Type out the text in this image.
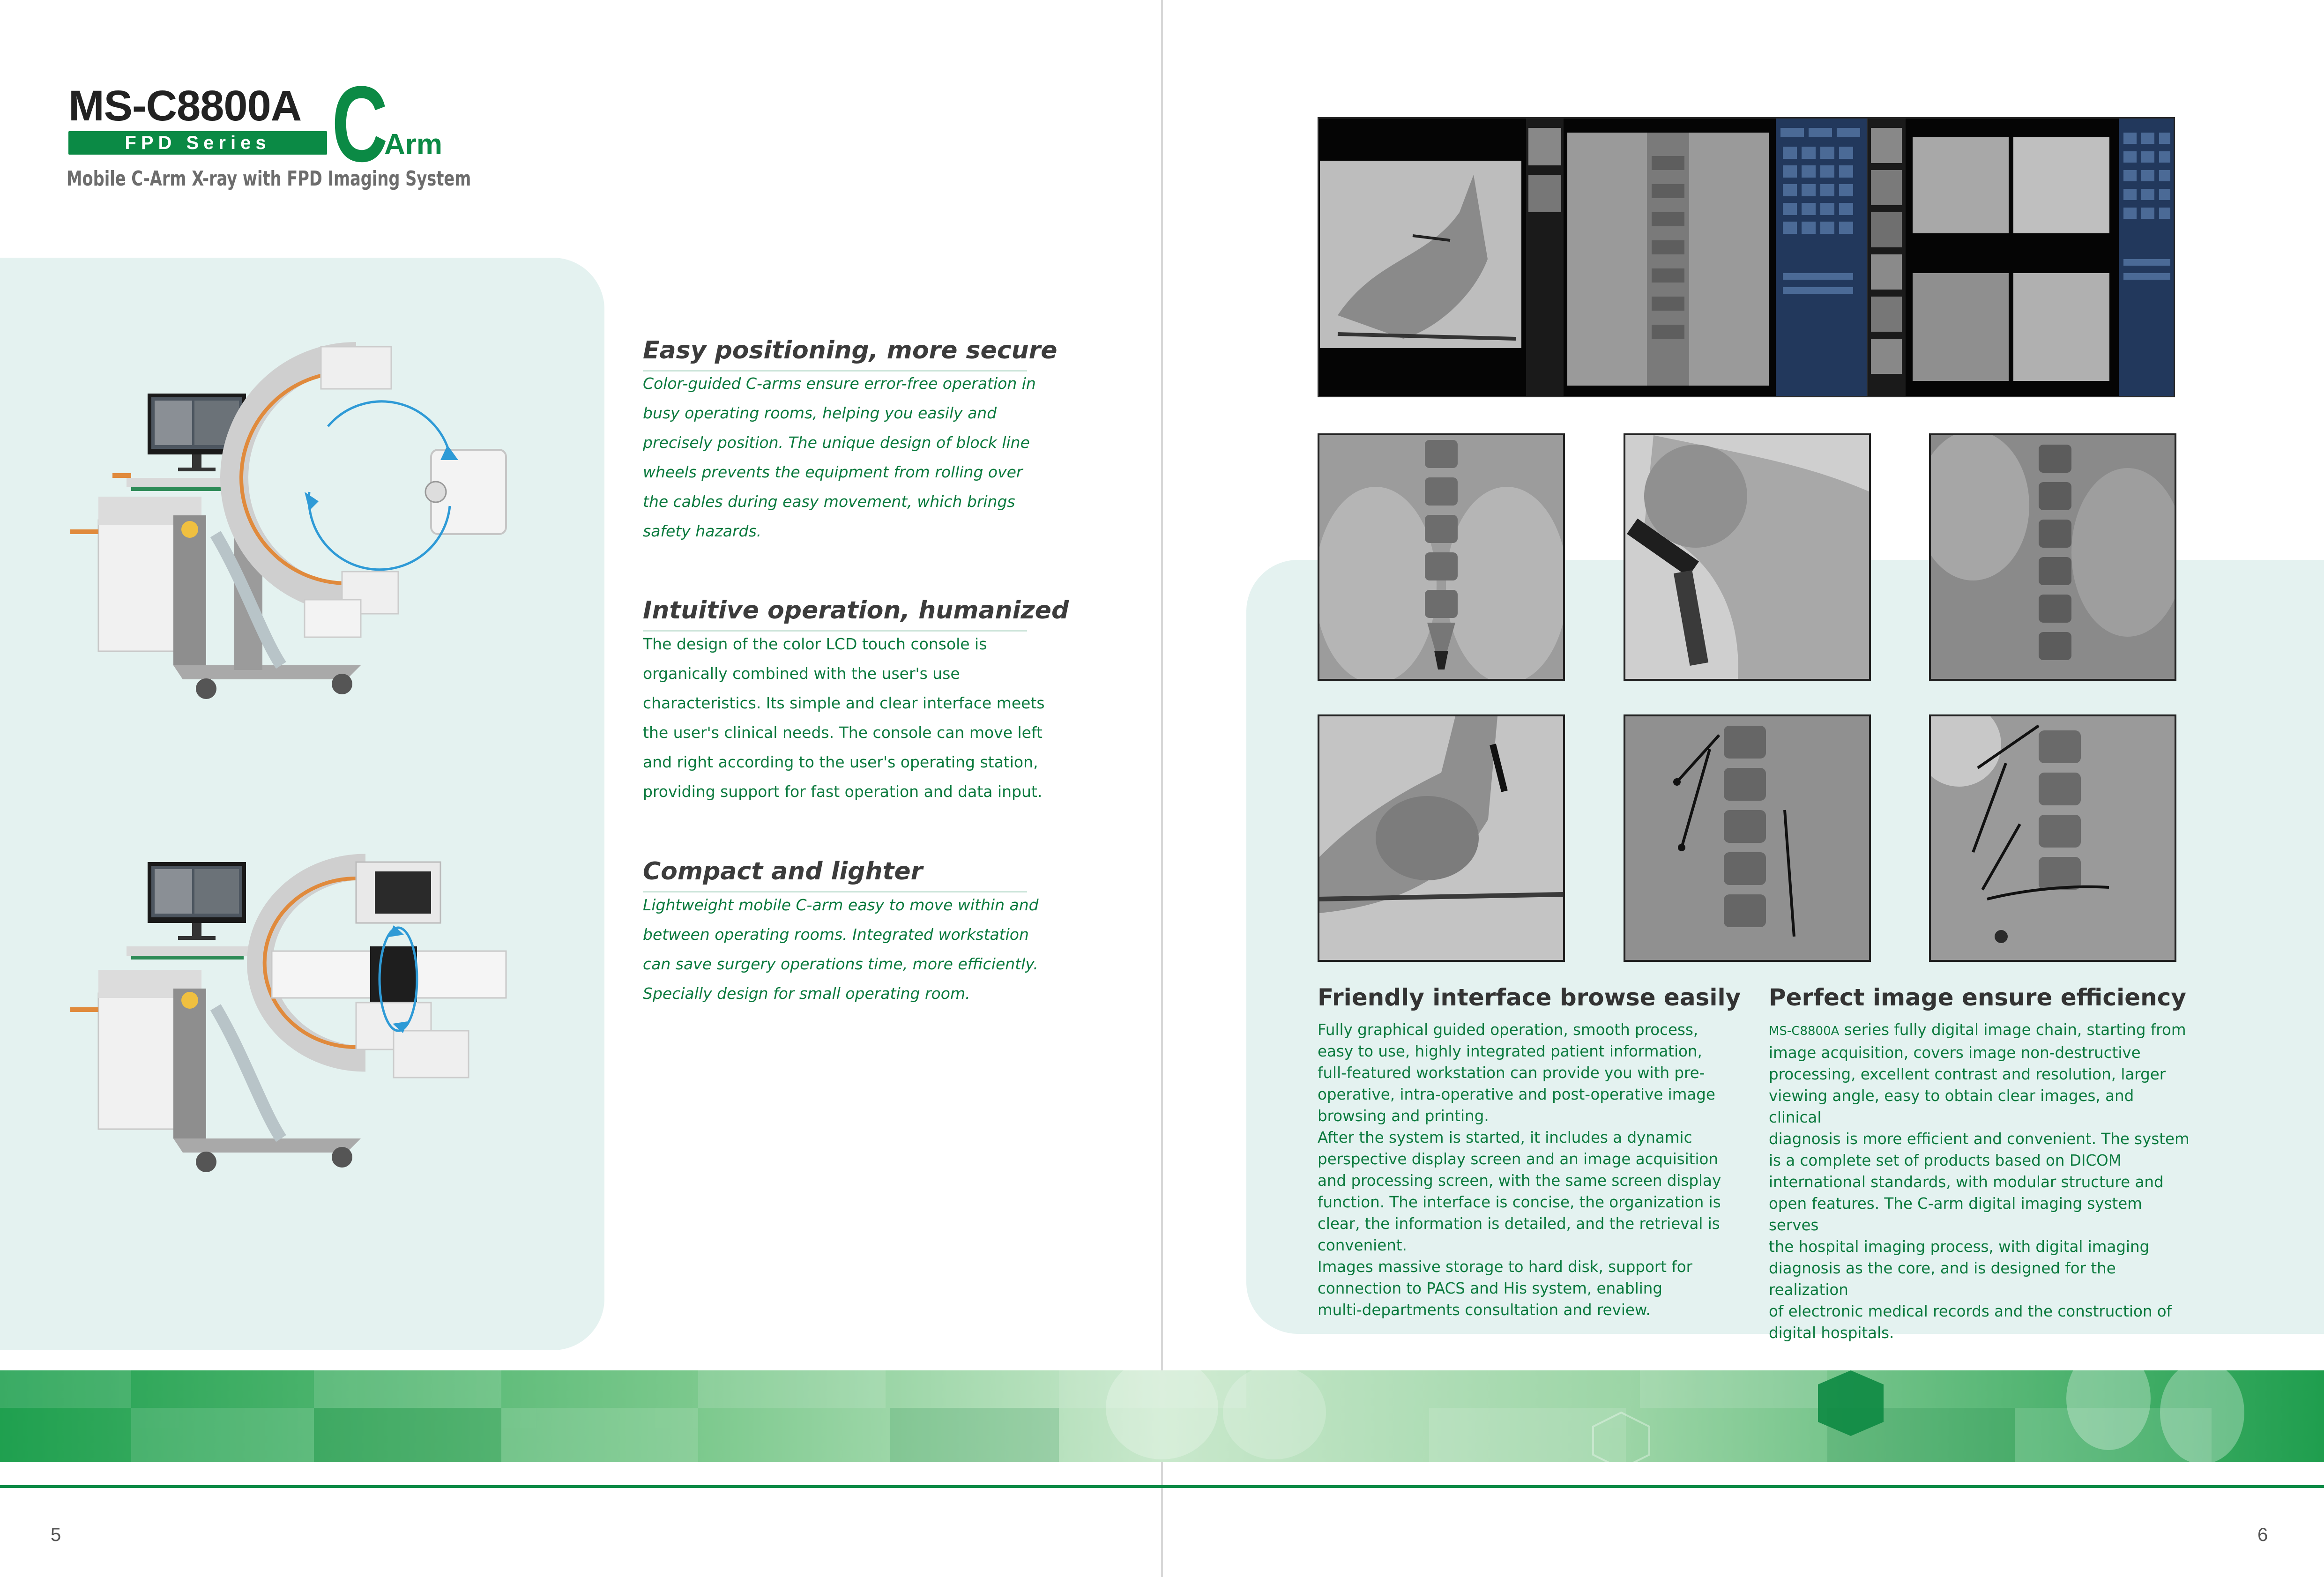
MS-C8800A
FPD Series C
Arm
Mobile C-Arm X-ray with FPD Imaging System
Easy positioning, more secure
Color-guided C-arms ensure error-free operation in
busy operating rooms, helping you easily and
precisely position. The unique design of block line
wheels prevents the equipment from rolling over
the cables during easy movement, which brings
safety hazards.
Intuitive operation, humanized
The design of the color LCD touch console is
organically combined with the user's use
characteristics. Its simple and clear interface meets
the user's clinical needs. The console can move left
and right according to the user's operating station,
providing support for fast operation and data input.
Compact and lighter
Lightweight mobile C-arm easy to move within and
between operating rooms. Integrated workstation
can save surgery operations time, more efficiently.
Specially design for small operating room.	Friendly interface browse easily

Fully graphical guided operation, smooth process,

easy to use, highly integrated patient information,

full-featured workstation can provide you with pre-

operative, intra-operative and post-operative image

browsing and printing.

After the system is started, it includes a dynamic

perspective display screen and an image acquisition

and processing screen, with the same screen display

function. The interface is concise, the organization is

clear, the information is detailed, and the retrieval is

convenient.

Images massive storage to hard disk, support for

connection to PACS and His system, enabling

multi-departments consultation and review.

Perfect image ensure efficiency

MS-C8800A series fully digital image chain, starting from

image acquisition, covers image non-destructive

processing, excellent contrast and resolution, larger

viewing angle, easy to obtain clear images, and clinical

diagnosis is more efficient and convenient. The system

is a complete set of products based on DICOM

international standards, with modular structure and

open features. The C-arm digital imaging system serves

the hospital imaging process, with digital imaging

diagnosis as the core, and is designed for the realization

of electronic medical records and the construction of

digital hospitals.

5	6
